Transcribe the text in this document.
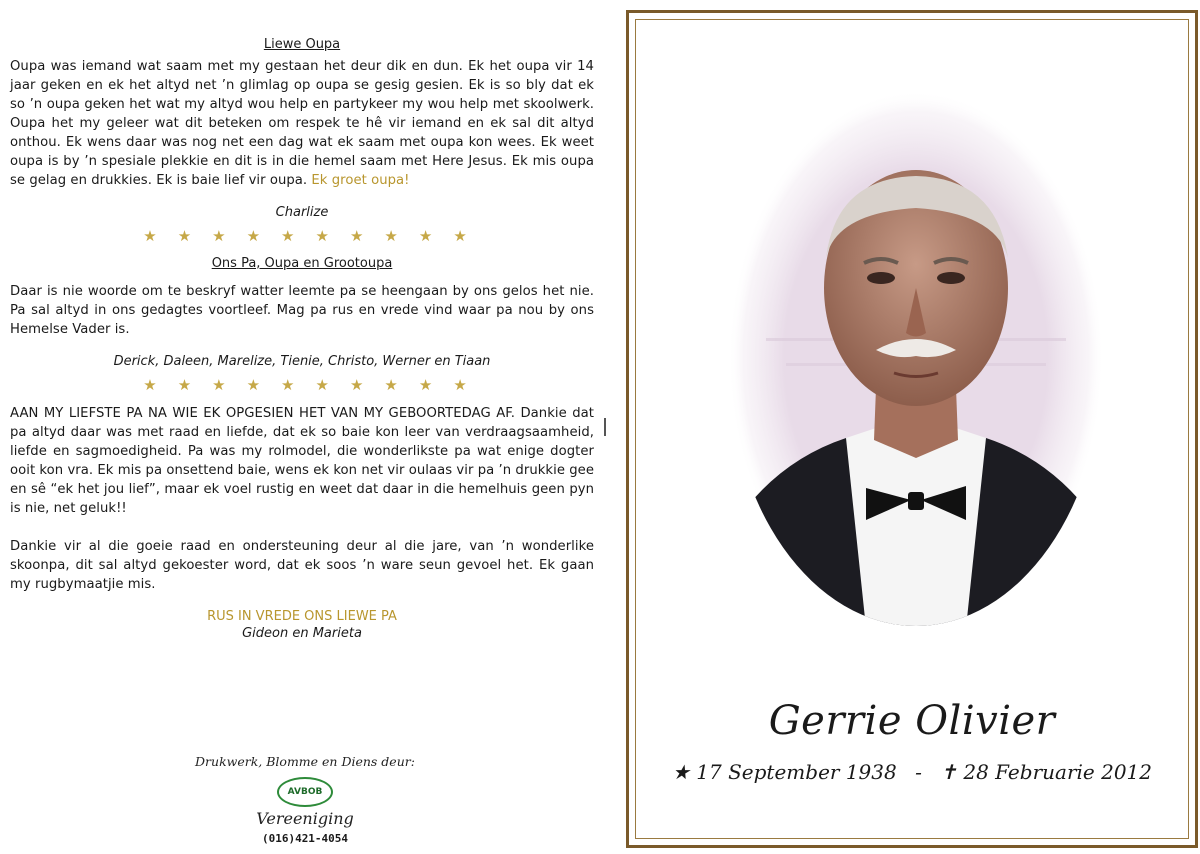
Liewe Oupa

Oupa was iemand wat saam met my gestaan het deur dik en dun. Ek het oupa vir 14 jaar geken en ek het altyd net ’n glimlag op oupa se gesig gesien. Ek is so bly dat ek so ’n oupa geken het wat my altyd wou help en partykeer my wou help met skoolwerk. Oupa het my geleer wat dit beteken om respek te hê vir iemand en ek sal dit altyd onthou. Ek wens daar was nog net een dag wat ek saam met oupa kon wees. Ek weet oupa is by ’n spesiale plekkie en dit is in die hemel saam met Here Jesus. Ek mis oupa se gelag en drukkies. Ek is baie lief vir oupa. Ek groet oupa!

Charlize
★ ★ ★ ★ ★ ★ ★ ★ ★ ★
Ons Pa, Oupa en Grootoupa

Daar is nie woorde om te beskryf watter leemte pa se heengaan by ons gelos het nie. Pa sal altyd in ons gedagtes voortleef. Mag pa rus en vrede vind waar pa nou by ons Hemelse Vader is.

Derick, Daleen, Marelize, Tienie, Christo, Werner en Tiaan
★ ★ ★ ★ ★ ★ ★ ★ ★ ★

AAN MY LIEFSTE PA NA WIE EK OPGESIEN HET VAN MY GEBOORTEDAG AF. Dankie dat pa altyd daar was met raad en liefde, dat ek so baie kon leer van verdraagsaamheid, liefde en sagmoedigheid. Pa was my rolmodel, die wonderlikste pa wat enige dogter ooit kon vra. Ek mis pa onsettend baie, wens ek kon net vir oulaas vir pa ’n drukkie gee en sê “ek het jou lief”, maar ek voel rustig en weet dat daar in die hemelhuis geen pyn is nie, net geluk!!

Dankie vir al die goeie raad en ondersteuning deur al die jare, van ’n wonderlike skoonpa, dit sal altyd gekoester word, dat ek soos ’n ware seun gevoel het. Ek gaan my rugbymaatjie mis.

RUS IN VREDE ONS LIEWE PA
Gideon en Marieta
Drukwerk, Blomme en Diens deur:
AVBOB
Vereeniging
(016)421-4054
Gerrie Olivier
★ 17 September 1938 - ✝ 28 Februarie 2012
